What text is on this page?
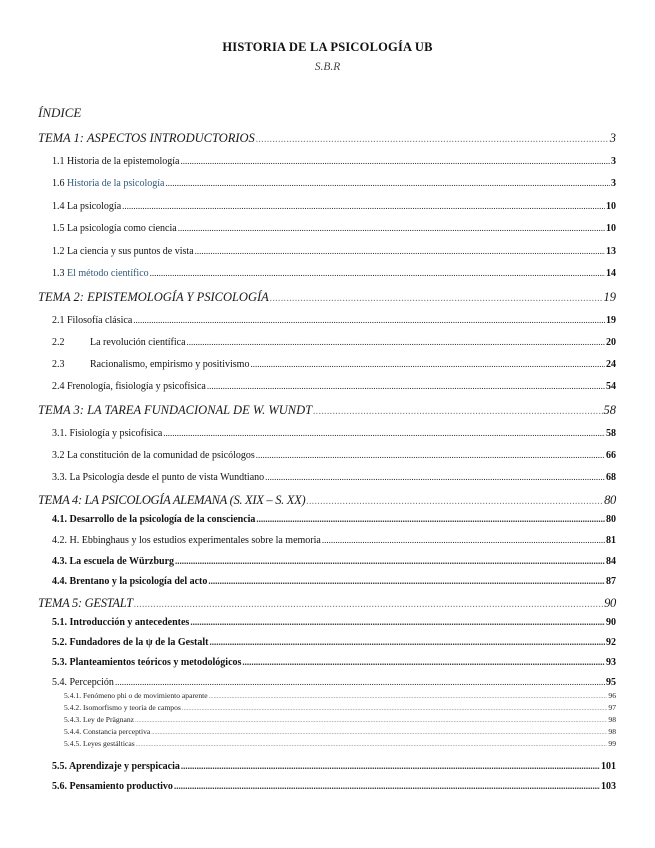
HISTORIA DE LA PSICOLOGÍA UB
S.B.R
ÍNDICE
TEMA 1: ASPECTOS INTRODUCTORIOS .....	3
1.1 Historia de la epistemología .....	3
1.6 Historia de la psicología .....	3
1.4 La psicología .....	10
1.5 La psicología como ciencia .....	10
1.2 La ciencia y sus puntos de vista .....	13
1.3 El método científico .....	14
TEMA 2: EPISTEMOLOGÍA Y PSICOLOGÍA .....	19
2.1 Filosofía clásica .....	19
2.2	La revolución científica .....	20
2.3	Racionalismo, empirismo y positivismo .....	24
2.4 Frenología, fisiología y psicofísica .....	54
TEMA 3: LA TAREA FUNDACIONAL DE W. WUNDT .....	58
3.1. Fisiología y psicofísica .....	58
3.2 La constitución de la comunidad de psicólogos .....	66
3.3. La Psicología desde el punto de vista Wundtiano .....	68
TEMA 4: LA PSICOLOGÍA ALEMANA (S. XIX – S. XX) .....	80
4.1. Desarrollo de la psicología de la consciencia .....	80
4.2. H. Ebbinghaus y los estudios experimentales sobre la memoria .....	81
4.3. La escuela de Würzburg .....	84
4.4. Brentano y la psicología del acto .....	87
TEMA 5: GESTALT .....	90
5.1. Introducción y antecedentes .....	90
5.2. Fundadores de la ψ de la Gestalt .....	92
5.3. Planteamientos teóricos y metodológicos .....	93
5.4. Percepción .....	95
5.4.1. Fenómeno phi o de movimiento aparente .....	96
5.4.2. Isomorfismo y teoría de campos .....	97
5.4.3. Ley de Prägnanz .....	98
5.4.4. Constancia perceptiva .....	98
5.4.5. Leyes gestálticas .....	99
5.5. Aprendizaje y perspicacia .....	101
5.6. Pensamiento productivo .....	103
